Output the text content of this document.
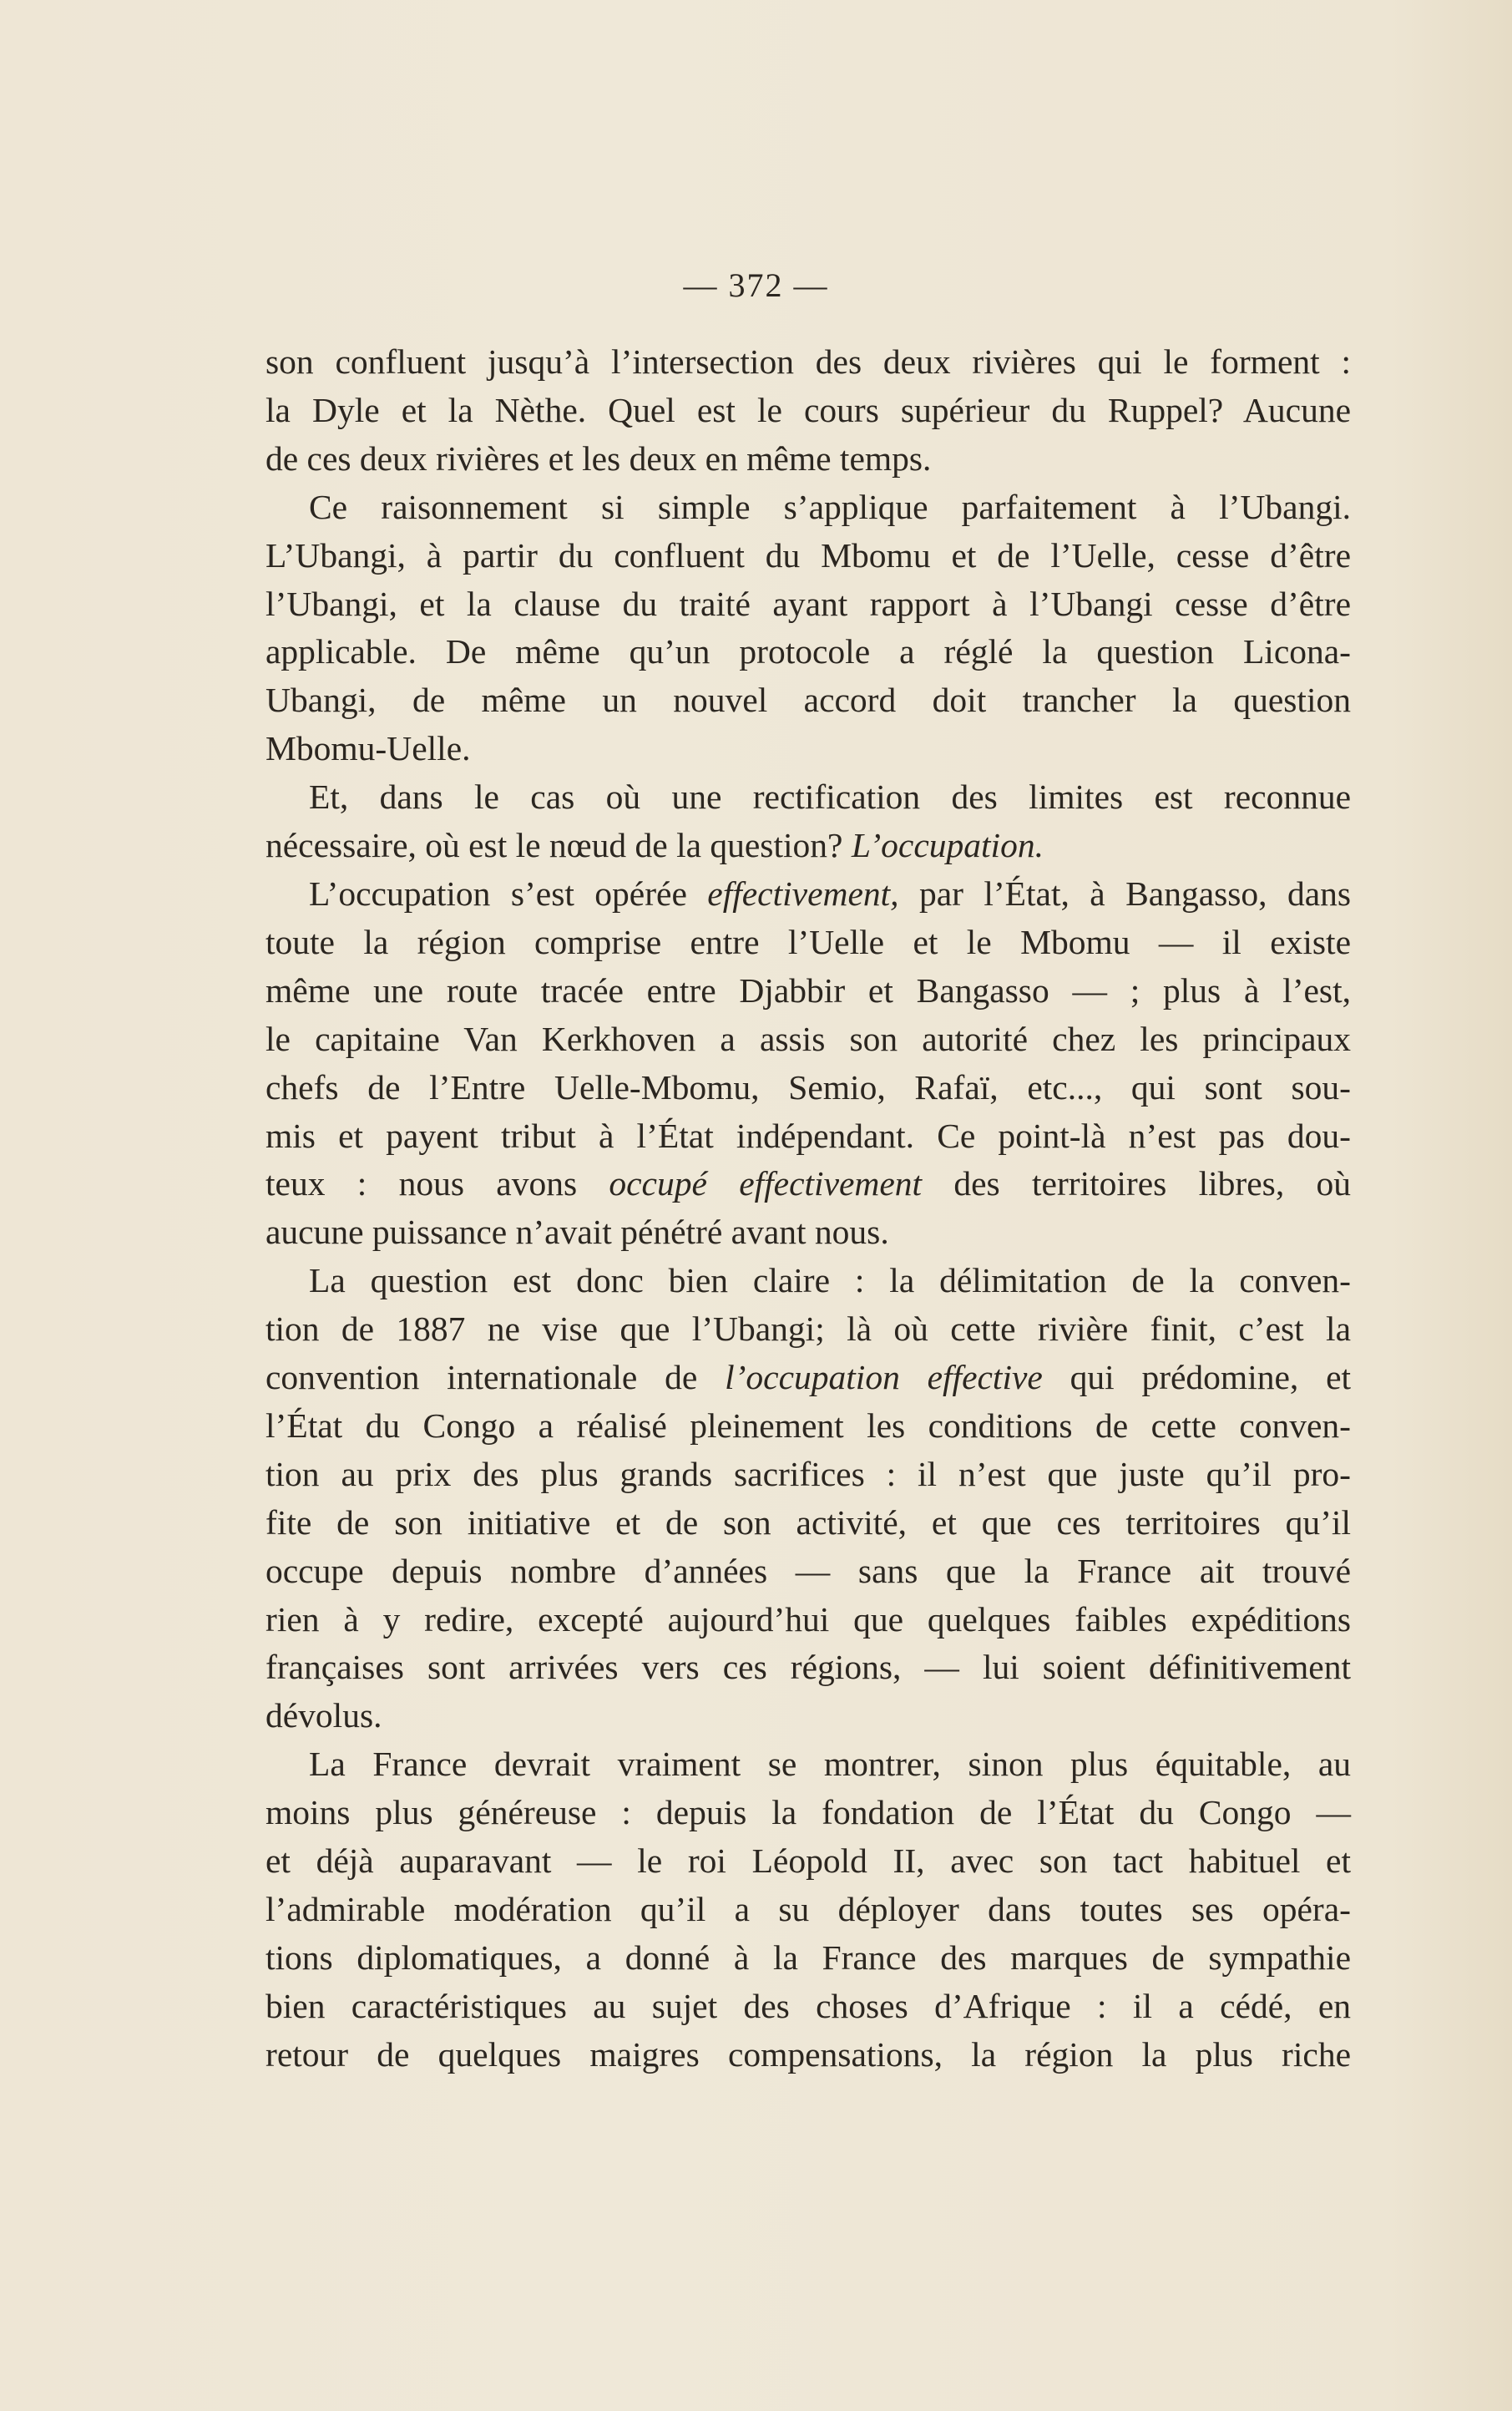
— 372 —
son confluent jusqu’à l’intersection des deux rivières qui le forment :
la Dyle et la Nèthe. Quel est le cours supérieur du Ruppel? Aucune
de ces deux rivières et les deux en même temps.
Ce raisonnement si simple s’applique parfaitement à l’Ubangi.
L’Ubangi, à partir du confluent du Mbomu et de l’Uelle, cesse d’être
l’Ubangi, et la clause du traité ayant rapport à l’Ubangi cesse d’être
applicable. De même qu’un protocole a réglé la question Licona-
Ubangi, de même un nouvel accord doit trancher la question
Mbomu-Uelle.
Et, dans le cas où une rectification des limites est reconnue
nécessaire, où est le nœud de la question? L’occupation.
L’occupation s’est opérée effectivement, par l’État, à Bangasso, dans
toute la région comprise entre l’Uelle et le Mbomu — il existe
même une route tracée entre Djabbir et Bangasso — ; plus à l’est,
le capitaine Van Kerkhoven a assis son autorité chez les principaux
chefs de l’Entre Uelle-Mbomu, Semio, Rafaï, etc..., qui sont sou-
mis et payent tribut à l’État indépendant. Ce point-là n’est pas dou-
teux : nous avons occupé effectivement des territoires libres, où
aucune puissance n’avait pénétré avant nous.
La question est donc bien claire : la délimitation de la conven-
tion de 1887 ne vise que l’Ubangi; là où cette rivière finit, c’est la
convention internationale de l’occupation effective qui prédomine, et
l’État du Congo a réalisé pleinement les conditions de cette conven-
tion au prix des plus grands sacrifices : il n’est que juste qu’il pro-
fite de son initiative et de son activité, et que ces territoires qu’il
occupe depuis nombre d’années — sans que la France ait trouvé
rien à y redire, excepté aujourd’hui que quelques faibles expéditions
françaises sont arrivées vers ces régions, — lui soient définitivement
dévolus.
La France devrait vraiment se montrer, sinon plus équitable, au
moins plus généreuse : depuis la fondation de l’État du Congo —
et déjà auparavant — le roi Léopold II, avec son tact habituel et
l’admirable modération qu’il a su déployer dans toutes ses opéra-
tions diplomatiques, a donné à la France des marques de sympathie
bien caractéristiques au sujet des choses d’Afrique : il a cédé, en
retour de quelques maigres compensations, la région la plus riche
